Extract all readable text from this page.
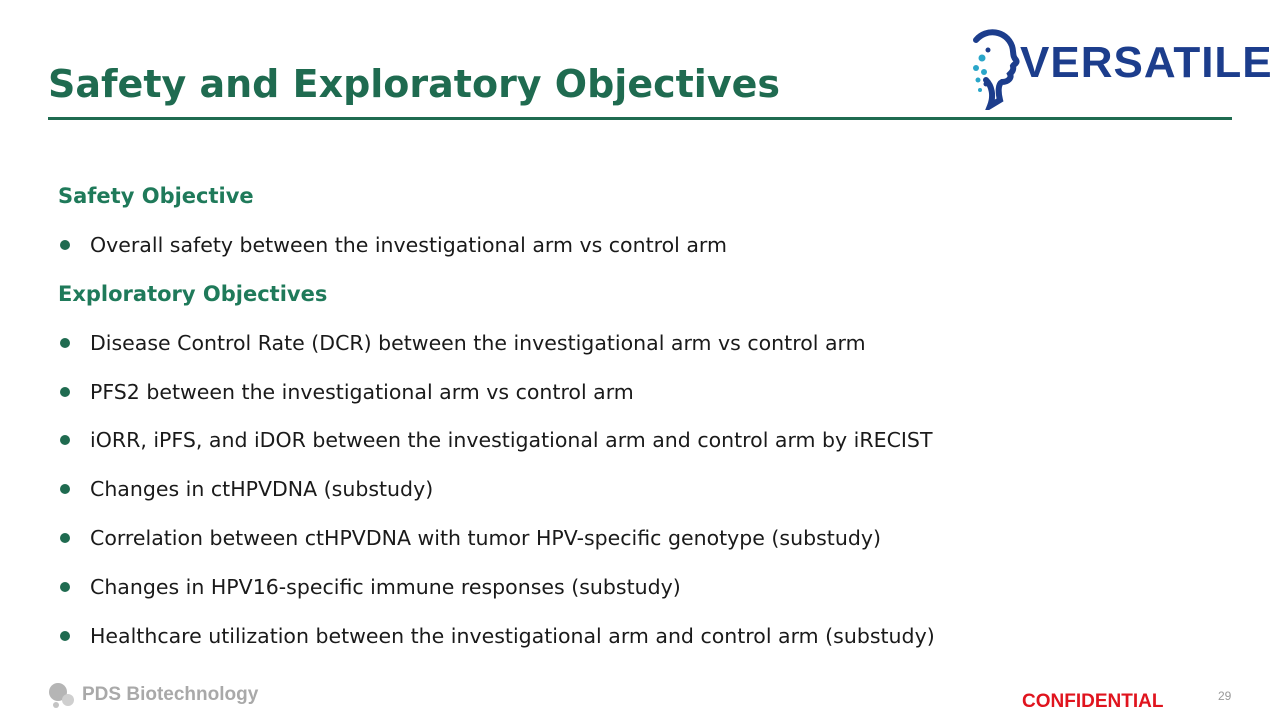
Safety and Exploratory Objectives	VERSATILE
Safety Objective
Overall safety between the investigational arm vs control arm
Exploratory Objectives
Disease Control Rate (DCR) between the investigational arm vs control arm
PFS2 between the investigational arm vs control arm
iORR, iPFS, and iDOR between the investigational arm and control arm by iRECIST
Changes in ctHPVDNA (substudy)
Correlation between ctHPVDNA with tumor HPV-specific genotype (substudy)
Changes in HPV16-specific immune responses (substudy)
Healthcare utilization between the investigational arm and control arm (substudy)
PDS Biotechnology	CONFIDENTIAL	29
